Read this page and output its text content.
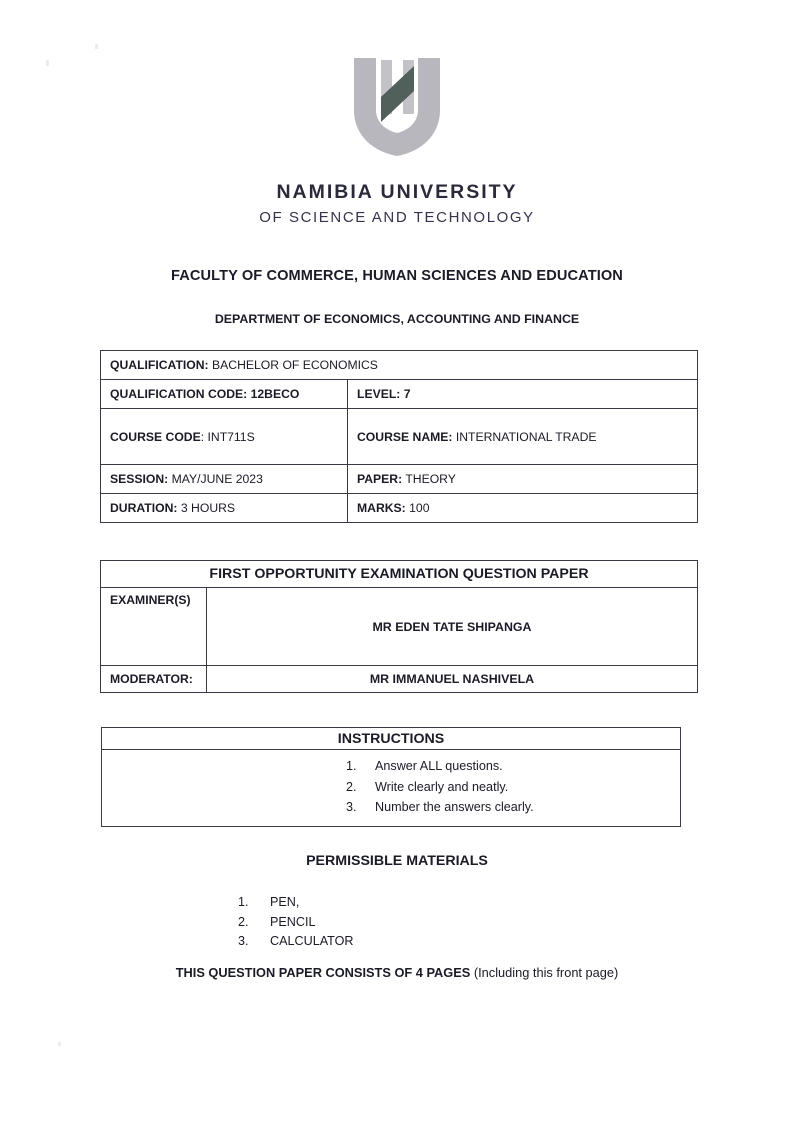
NAMIBIA UNIVERSITY
OF SCIENCE AND TECHNOLOGY
FACULTY OF COMMERCE, HUMAN SCIENCES AND EDUCATION
DEPARTMENT OF ECONOMICS, ACCOUNTING AND FINANCE
QUALIFICATION: BACHELOR OF ECONOMICS	
QUALIFICATION CODE: 12BECO	LEVEL: 7
COURSE CODE: INT711S	COURSE NAME: INTERNATIONAL TRADE
SESSION: MAY/JUNE 2023	PAPER: THEORY
DURATION: 3 HOURS	MARKS: 100
FIRST OPPORTUNITY EXAMINATION QUESTION PAPER	
EXAMINER(S)	MR EDEN TATE SHIPANGA
MODERATOR:	MR IMMANUEL NASHIVELA
INSTRUCTIONS

Answer ALL questions.
Write clearly and neatly.
Number the answers clearly.
PERMISSIBLE MATERIALS
PEN,
PENCIL
CALCULATOR
THIS QUESTION PAPER CONSISTS OF 4 PAGES (Including this front page)
